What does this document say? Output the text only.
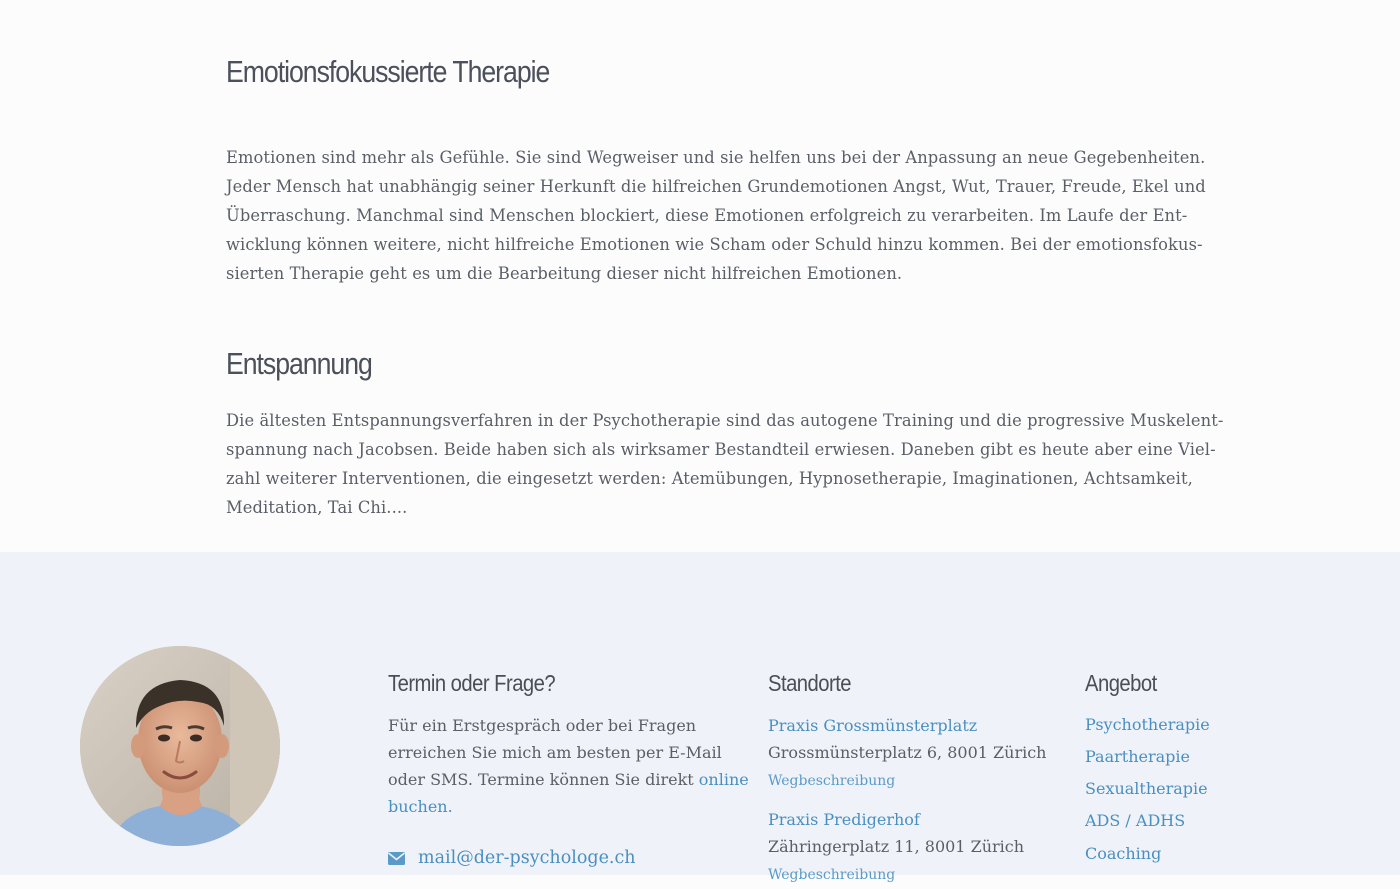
Emotionsfokussierte Therapie
Emotionen sind mehr als Gefühle. Sie sind Wegweiser und sie helfen uns bei der Anpassung an neue Gegebenheiten.
Jeder Mensch hat unabhängig seiner Herkunft die hilfreichen Grundemotionen Angst, Wut, Trauer, Freude, Ekel und
Überraschung. Manchmal sind Menschen blockiert, diese Emotionen erfolgreich zu verarbeiten. Im Laufe der Ent-
wicklung können weitere, nicht hilfreiche Emotionen wie Scham oder Schuld hinzu kommen. Bei der emotionsfokus-
sierten Therapie geht es um die Bearbeitung dieser nicht hilfreichen Emotionen.
Entspannung
Die ältesten Entspannungsverfahren in der Psychotherapie sind das autogene Training und die progressive Muskelent-
spannung nach Jacobsen. Beide haben sich als wirksamer Bestandteil erwiesen. Daneben gibt es heute aber eine Viel-
zahl weiterer Interventionen, die eingesetzt werden: Atemübungen, Hypnosetherapie, Imaginationen, Achtsamkeit,
Meditation, Tai Chi....
Termin oder Frage?
Für ein Erstgespräch oder bei Fragen
erreichen Sie mich am besten per E-Mail
oder SMS. Termine können Sie direkt online
buchen.
mail@der-psychologe.ch
Standorte
Praxis Grossmünsterplatz
Grossmünsterplatz 6, 8001 Zürich
Wegbeschreibung
Praxis Predigerhof
Zähringerplatz 11, 8001 Zürich
Wegbeschreibung
Angebot
Psychotherapie
Paartherapie
Sexualtherapie
ADS / ADHS
Coaching
